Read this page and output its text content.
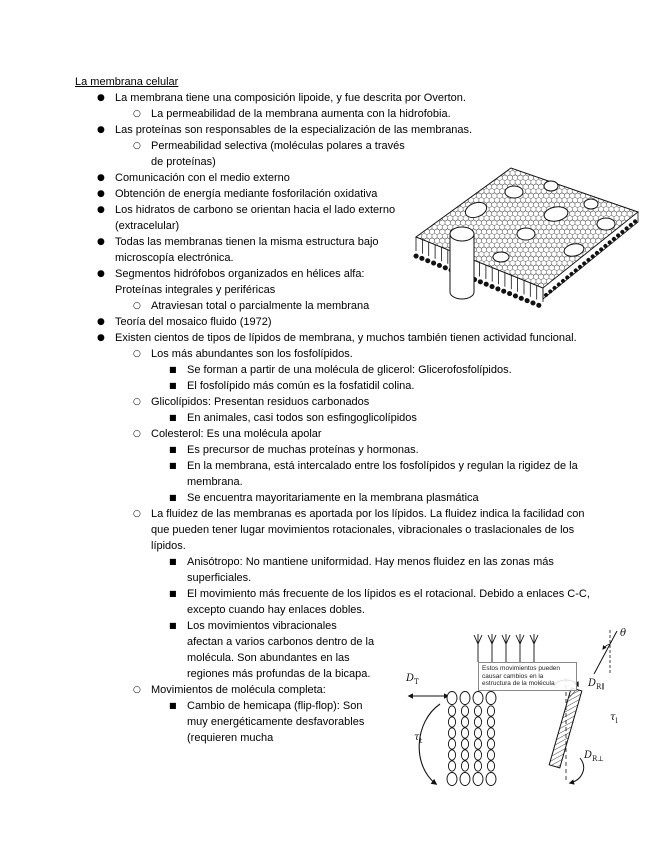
La membrana celular
● La membrana tiene una composición lipoide, y fue descrita por Overton.
○ La permeabilidad de la membrana aumenta con la hidrofobia.
● Las proteínas son responsables de la especialización de las membranas.
○ Permeabilidad selectiva (moléculas polares a través de proteínas)
● Comunicación con el medio externo
● Obtención de energía mediante fosforilación oxidativa
● Los hidratos de carbono se orientan hacia el lado externo (extracelular)
● Todas las membranas tienen la misma estructura bajo microscopía electrónica.
● Segmentos hidrófobos organizados en hélices alfa: Proteínas integrales y periféricas
○ Atraviesan total o parcialmente la membrana
● Teoría del mosaico fluido (1972)
● Existen cientos de tipos de lípidos de membrana, y muchos también tienen actividad funcional.
○ Los más abundantes son los fosfolípidos.
■ Se forman a partir de una molécula de glicerol: Glicerofosfolípidos.
■ El fosfolípido más común es la fosfatidil colina.
○ Glicolípidos: Presentan residuos carbonados
■ En animales, casi todos son esfingoglicolípidos
○ Colesterol: Es una molécula apolar
■ Es precursor de muchas proteínas y hormonas.
■ En la membrana, está intercalado entre los fosfolípidos y regulan la rigidez de la membrana.
■ Se encuentra mayoritariamente en la membrana plasmática
○ La fluidez de las membranas es aportada por los lípidos. La fluidez indica la facilidad con que pueden tener lugar movimientos rotacionales, vibracionales o traslacionales de los lípidos.
■ Anisótropo: No mantiene uniformidad. Hay menos fluidez en las zonas más superficiales.
■ El movimiento más frecuente de los lípidos es el rotacional. Debido a enlaces C-C, excepto cuando hay enlaces dobles.
■ Los movimientos vibracionales afectan a varios carbonos dentro de la molécula. Son abundantes en las regiones más profundas de la bicapa.
○ Movimientos de molécula completa:
■ Cambio de hemicapa (flip-flop): Son muy energéticamente desfavorables (requieren mucha
$D_T$
θ
$\tau_t$
$D_{R\parallel}$
$\tau_l$
$D_{R\perp}$
Estos movimientos pueden causar cambios en la estructura de la molécula
